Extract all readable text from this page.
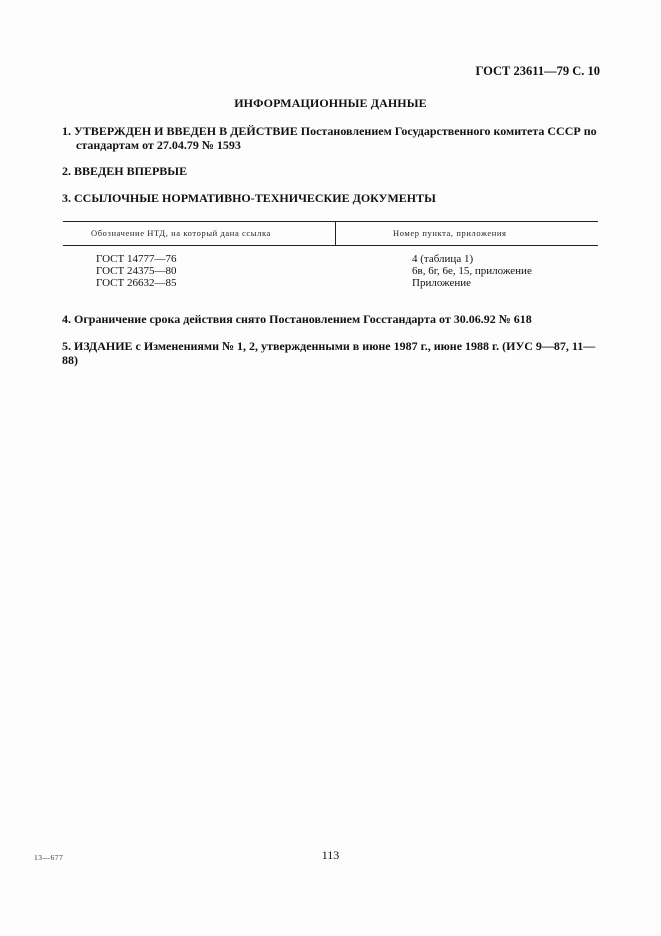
ГОСТ 23611—79 С. 10
ИНФОРМАЦИОННЫЕ ДАННЫЕ
1. УТВЕРЖДЕН И ВВЕДЕН В ДЕЙСТВИЕ Постановлением Государственного комитета СССР по
стандартам от 27.04.79 № 1593
2. ВВЕДЕН ВПЕРВЫЕ
3. ССЫЛОЧНЫЕ НОРМАТИВНО-ТЕХНИЧЕСКИЕ ДОКУМЕНТЫ
Обозначение НТД, на который дана ссылка	Номер пункта, приложения
ГОСТ 14777—76	4 (таблица 1)
ГОСТ 24375—80	6в, 6г, 6е, 15, приложение
ГОСТ 26632—85	Приложение
4. Ограничение срока действия снято Постановлением Госстандарта от 30.06.92 № 618
5. ИЗДАНИЕ с Изменениями № 1, 2, утвержденными в июне 1987 г., июне 1988 г. (ИУС 9—87, 11—88)
13—677	113
